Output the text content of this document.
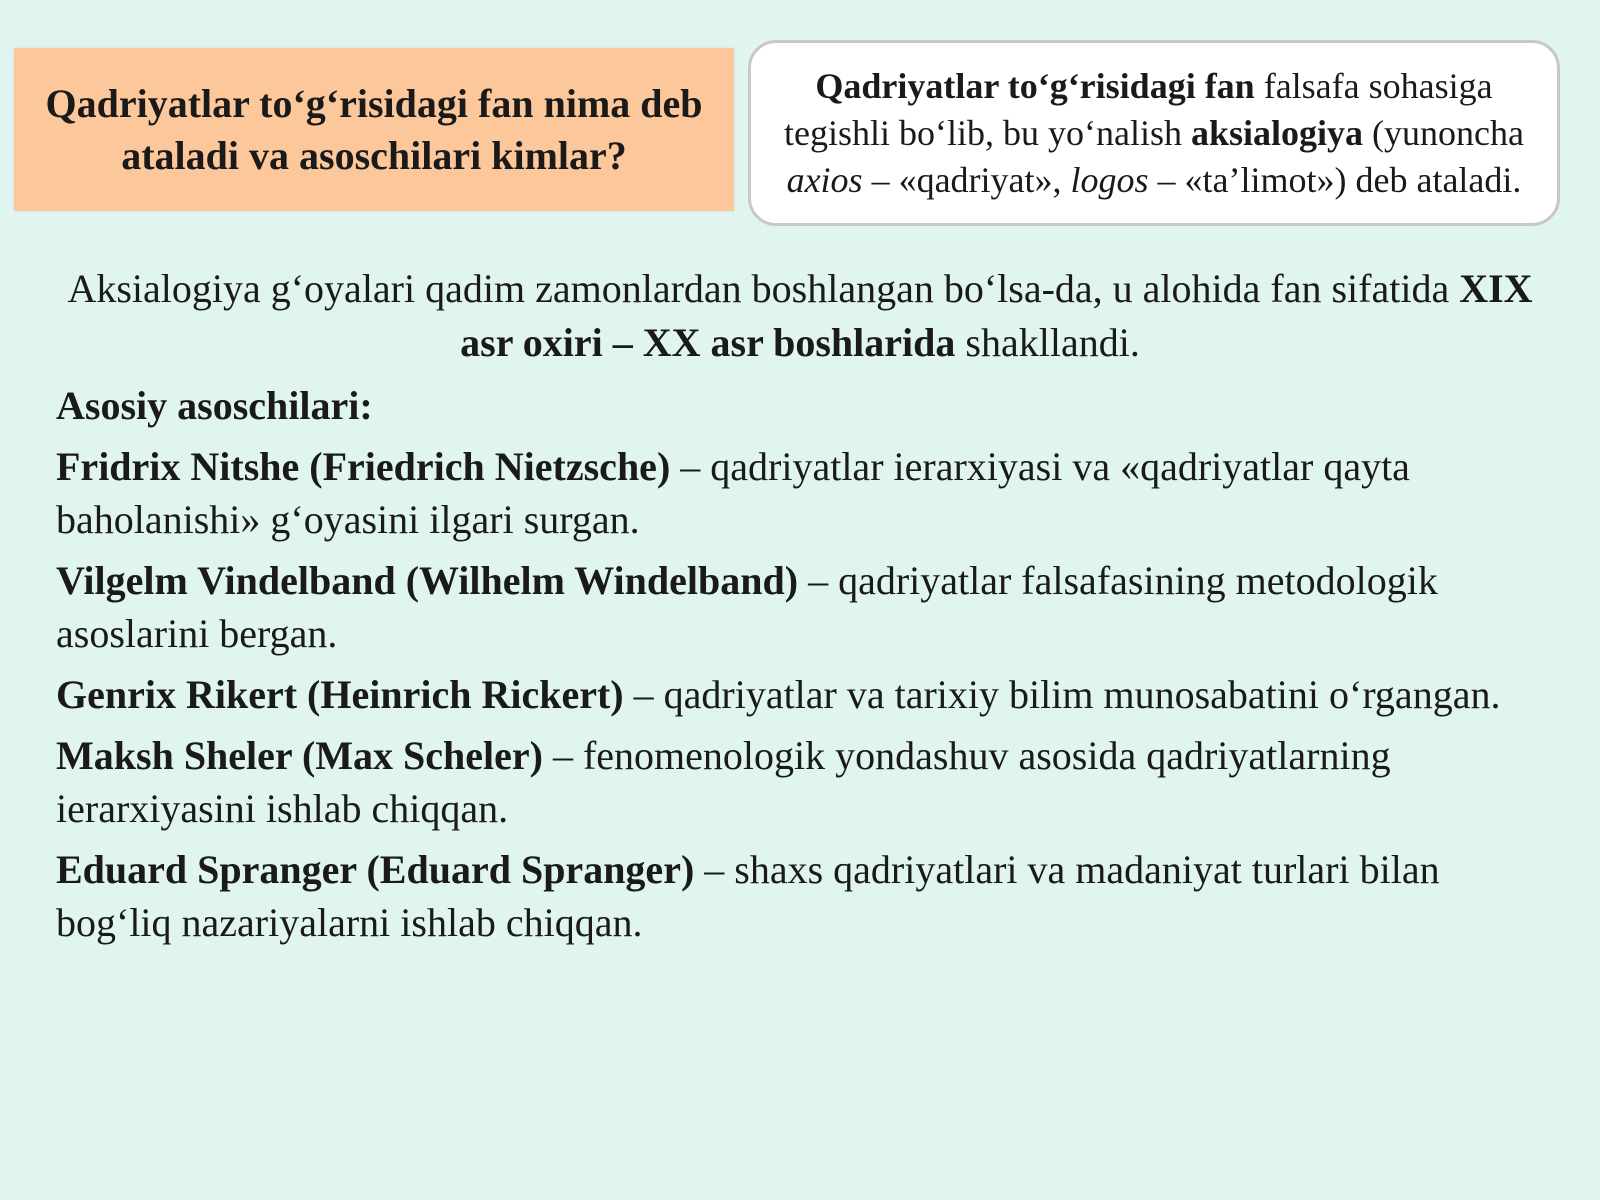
Qadriyatlar to‘g‘risidagi fan nima deb ataladi va asoschilari kimlar?
Qadriyatlar to‘g‘risidagi fan falsafa sohasiga tegishli bo‘lib, bu yo‘nalish aksialogiya (yunoncha axios – «qadriyat», logos – «ta’limot») deb ataladi.
Aksialogiya g‘oyalari qadim zamonlardan boshlangan bo‘lsa-da, u alohida fan sifatida XIX asr oxiri – XX asr boshlarida shakllandi.
Asosiy asoschilari:
Fridrix Nitshe (Friedrich Nietzsche) – qadriyatlar ierarxiyasi va «qadriyatlar qayta baholanishi» g‘oyasini ilgari surgan.
Vilgelm Vindelband (Wilhelm Windelband) – qadriyatlar falsafasining metodologik asoslarini bergan.
Genrix Rikert (Heinrich Rickert) – qadriyatlar va tarixiy bilim munosabatini o‘rgangan.
Maksh Sheler (Max Scheler) – fenomenologik yondashuv asosida qadriyatlarning ierarxiyasini ishlab chiqqan.
Eduard Spranger (Eduard Spranger) – shaxs qadriyatlari va madaniyat turlari bilan bog‘liq nazariyalarni ishlab chiqqan.
